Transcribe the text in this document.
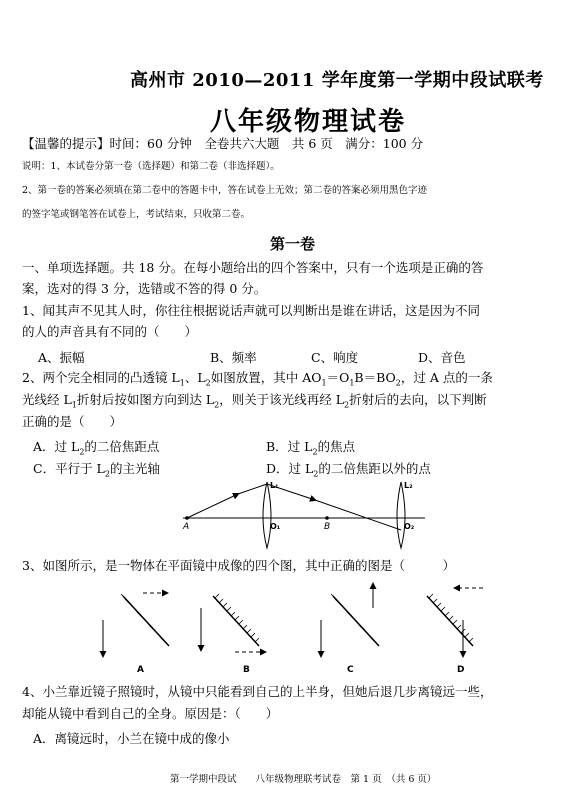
高州市 2010—2011 学年度第一学期中段试联考
八年级物理试卷
【温馨的提示】时间：60 分钟　全卷共六大题　共 6 页　满分：100 分
说明：1、本试卷分第一卷（选择题）和第二卷（非选择题）。
2、第一卷的答案必须填在第二卷中的答题卡中，答在试卷上无效；第二卷的答案必须用黑色字迹
的签字笔或钢笔答在试卷上，考试结束，只收第二卷。
第一卷
一、单项选择题。共 18 分。在每小题给出的四个答案中，只有一个选项是正确的答
案，选对的得 3 分，选错或不答的得 0 分。
1、闻其声不见其人时，你往往根据说话声就可以判断出是谁在讲话，这是因为不同
的人的声音具有不同的（　　）
A、振幅	B、频率	C、响度	D、音色
2、两个完全相同的凸透镜 $L_1$、$L_2$如图放置，其中 $AO_1=O_1B=BO_2$，过 A 点的一条
光线经 $L_1$折射后按如图方向到达 $L_2$，则关于该光线再经 $L_2$折射后的去向，以下判断
正确的是（　　）
A．过 $L_2$的二倍焦距点	B．过 $L_2$的焦点
C．平行于 $L_2$的主光轴	D．过 $L_2$的二倍焦距以外的点
A
L₁
O₁	B	O₂
L₂
3、如图所示，是一物体在平面镜中成像的四个图，其中正确的图是（　　　）
A	B	C	D
4、小兰靠近镜子照镜时，从镜中只能看到自己的上半身，但她后退几步离镜远一些，
却能从镜中看到自己的全身。原因是：（　　）
A．离镜远时，小兰在镜中成的像小
第一学期中段试　　八年级物理联考试卷　第 1 页　（共 6 页）
